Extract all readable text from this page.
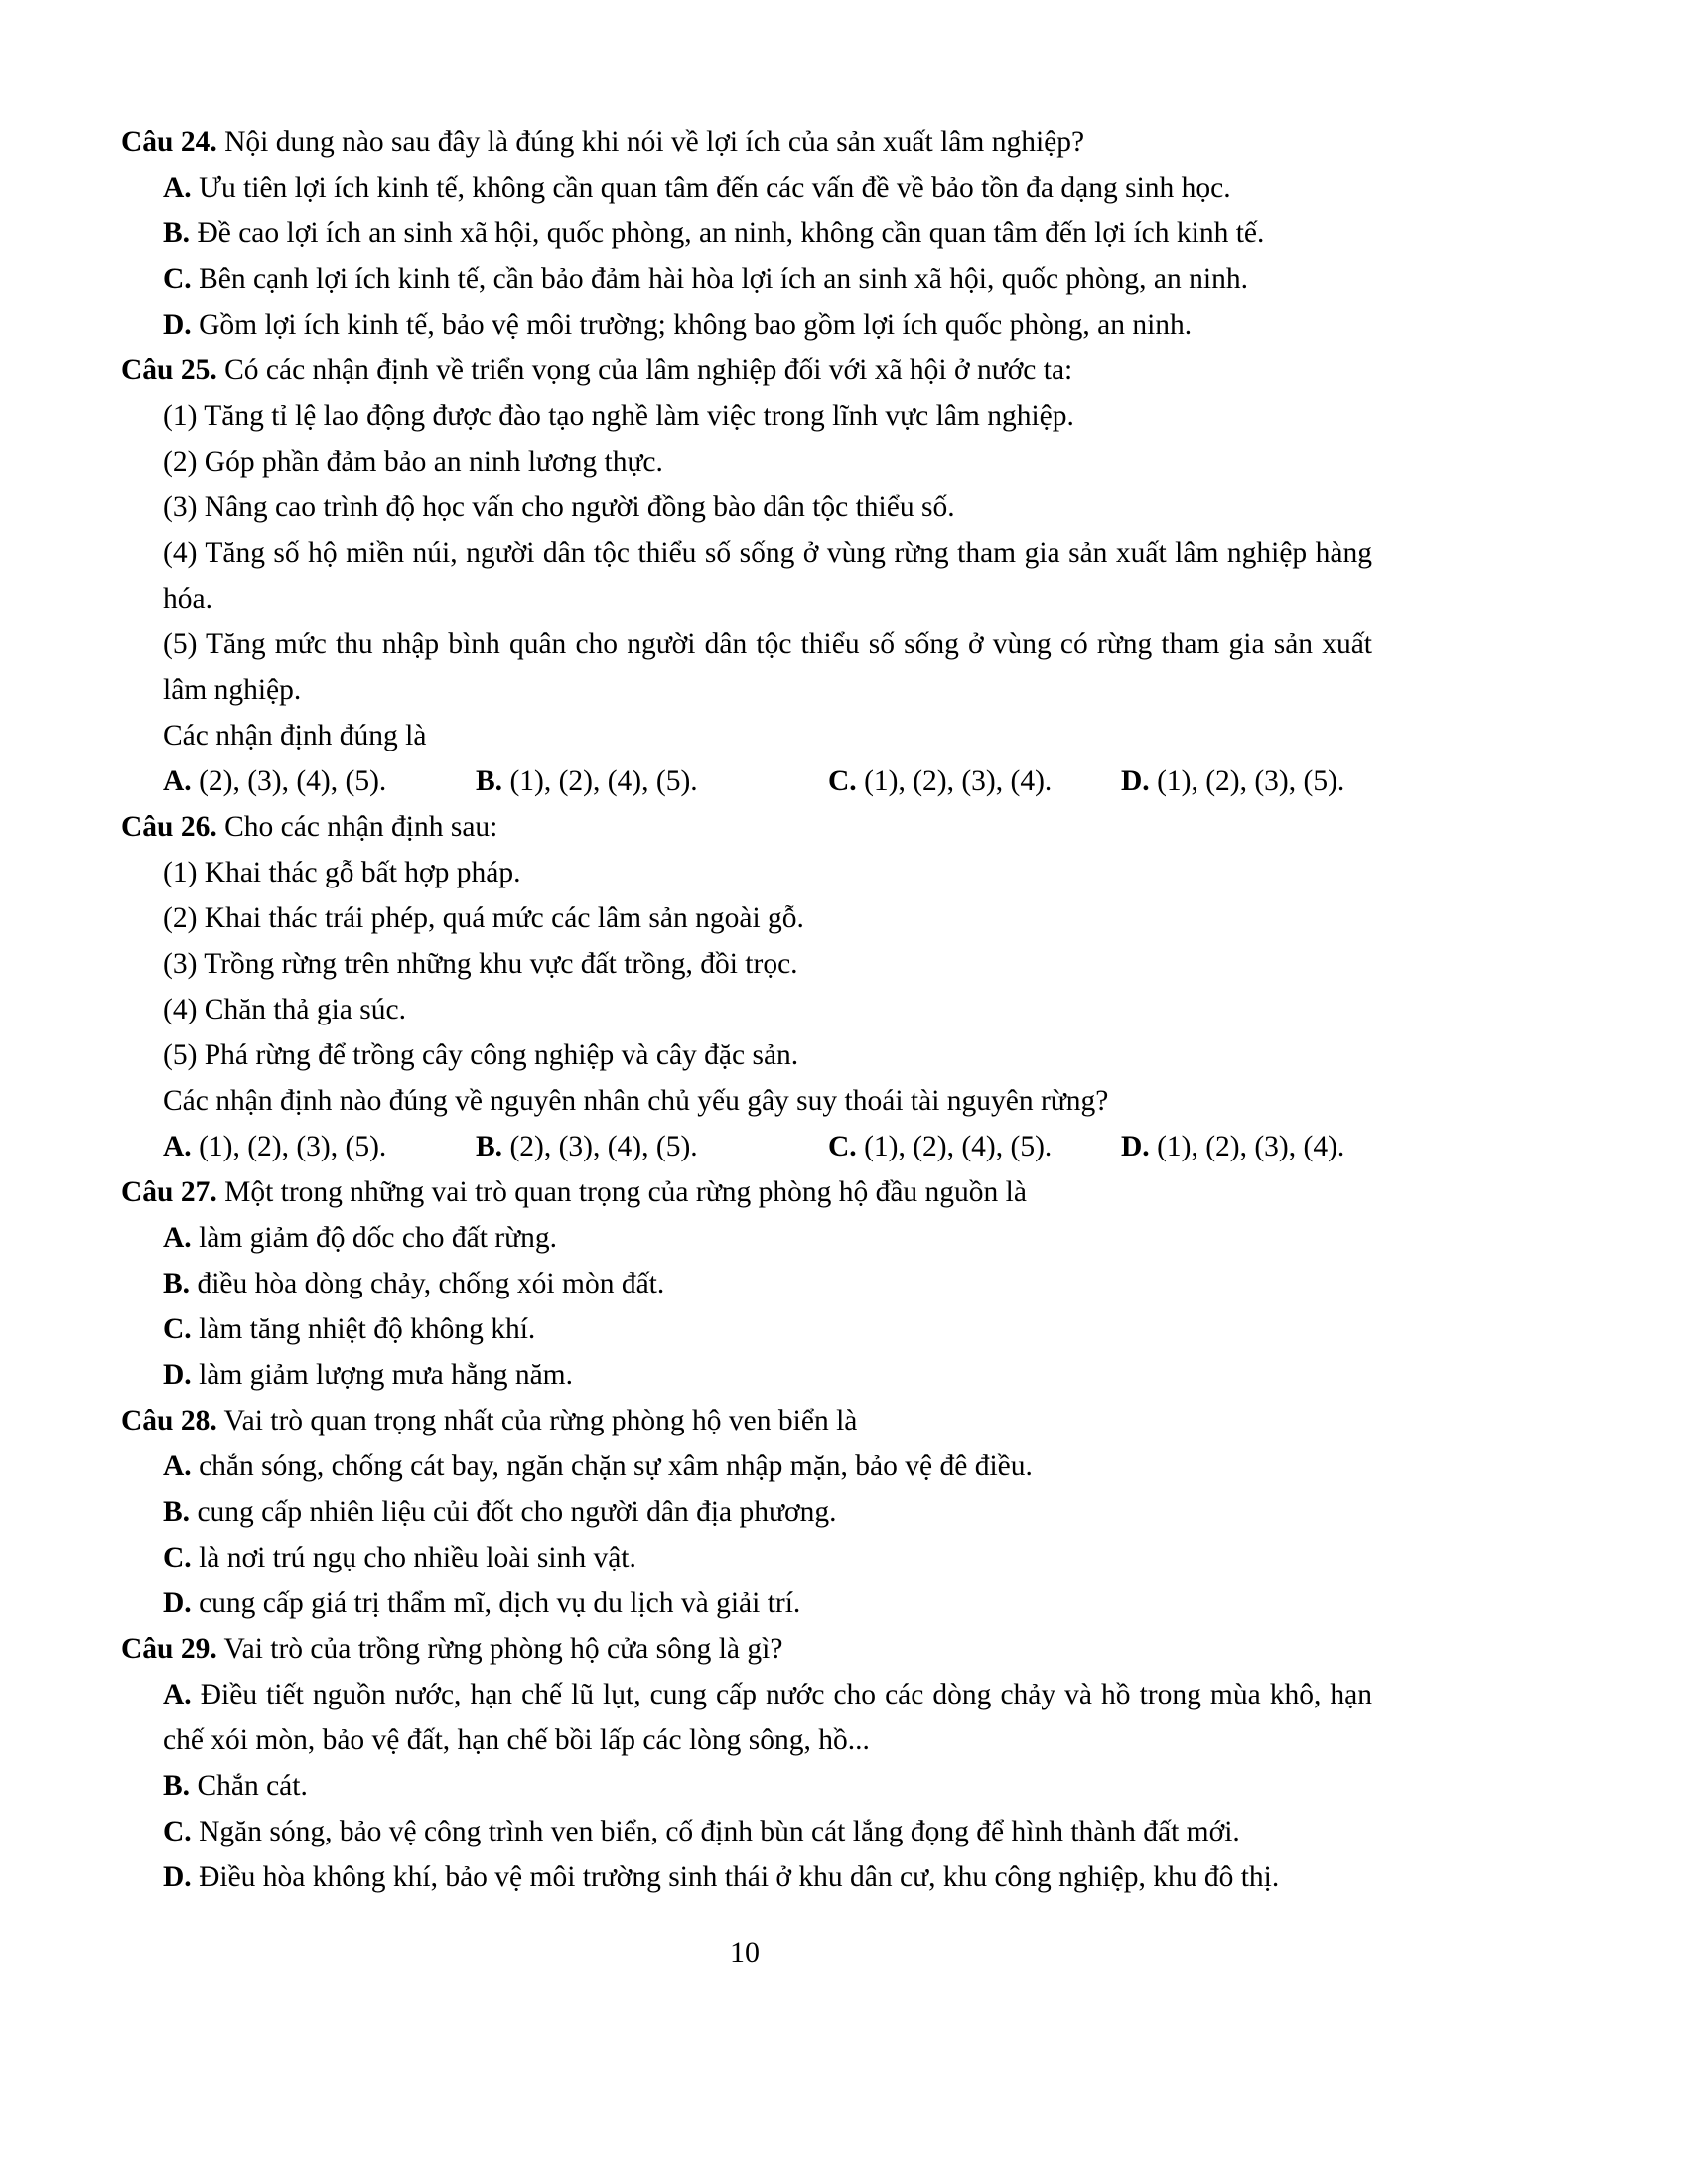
Câu 24. Nội dung nào sau đây là đúng khi nói về lợi ích của sản xuất lâm nghiệp?
A. Ưu tiên lợi ích kinh tế, không cần quan tâm đến các vấn đề về bảo tồn đa dạng sinh học.
B. Đề cao lợi ích an sinh xã hội, quốc phòng, an ninh, không cần quan tâm đến lợi ích kinh tế.
C. Bên cạnh lợi ích kinh tế, cần bảo đảm hài hòa lợi ích an sinh xã hội, quốc phòng, an ninh.
D. Gồm lợi ích kinh tế, bảo vệ môi trường; không bao gồm lợi ích quốc phòng, an ninh.
Câu 25. Có các nhận định về triển vọng của lâm nghiệp đối với xã hội ở nước ta:
(1) Tăng tỉ lệ lao động được đào tạo nghề làm việc trong lĩnh vực lâm nghiệp.
(2) Góp phần đảm bảo an ninh lương thực.
(3) Nâng cao trình độ học vấn cho người đồng bào dân tộc thiểu số.
(4) Tăng số hộ miền núi, người dân tộc thiểu số sống ở vùng rừng tham gia sản xuất lâm nghiệp hàng hóa.
(5) Tăng mức thu nhập bình quân cho người dân tộc thiểu số sống ở vùng có rừng tham gia sản xuất lâm nghiệp.
Các nhận định đúng là
A. (2), (3), (4), (5).	B. (1), (2), (4), (5).	C. (1), (2), (3), (4).	D. (1), (2), (3), (5).
Câu 26. Cho các nhận định sau:
(1) Khai thác gỗ bất hợp pháp.
(2) Khai thác trái phép, quá mức các lâm sản ngoài gỗ.
(3) Trồng rừng trên những khu vực đất trồng, đồi trọc.
(4) Chăn thả gia súc.
(5) Phá rừng để trồng cây công nghiệp và cây đặc sản.
Các nhận định nào đúng về nguyên nhân chủ yếu gây suy thoái tài nguyên rừng?
A. (1), (2), (3), (5).	B. (2), (3), (4), (5).	C. (1), (2), (4), (5).	D. (1), (2), (3), (4).
Câu 27. Một trong những vai trò quan trọng của rừng phòng hộ đầu nguồn là
A. làm giảm độ dốc cho đất rừng.
B. điều hòa dòng chảy, chống xói mòn đất.
C. làm tăng nhiệt độ không khí.
D. làm giảm lượng mưa hằng năm.
Câu 28. Vai trò quan trọng nhất của rừng phòng hộ ven biển là
A. chắn sóng, chống cát bay, ngăn chặn sự xâm nhập mặn, bảo vệ đê điều.
B. cung cấp nhiên liệu củi đốt cho người dân địa phương.
C. là nơi trú ngụ cho nhiều loài sinh vật.
D. cung cấp giá trị thẩm mĩ, dịch vụ du lịch và giải trí.
Câu 29. Vai trò của trồng rừng phòng hộ cửa sông là gì?
A. Điều tiết nguồn nước, hạn chế lũ lụt, cung cấp nước cho các dòng chảy và hồ trong mùa khô, hạn chế xói mòn, bảo vệ đất, hạn chế bồi lấp các lòng sông, hồ...
B. Chắn cát.
C. Ngăn sóng, bảo vệ công trình ven biển, cố định bùn cát lắng đọng để hình thành đất mới.
D. Điều hòa không khí, bảo vệ môi trường sinh thái ở khu dân cư, khu công nghiệp, khu đô thị.
10
